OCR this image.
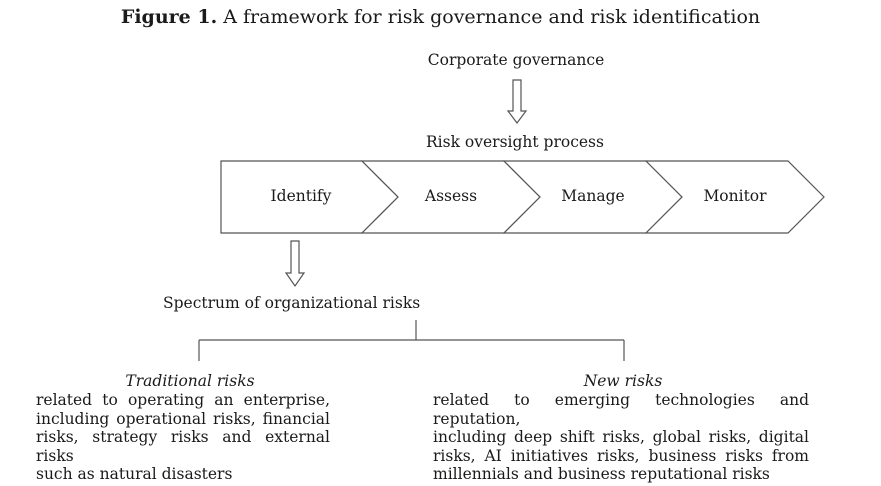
Figure 1. A framework for risk governance and risk identification
Corporate governance
Risk oversight process
Identify	Assess	Manage	Monitor
Spectrum of organizational risks
Traditional risks
related to operating an enterprise,
including operational risks, financial
risks, strategy risks and external risks
such as natural disasters
New risks
related to emerging technologies and reputation,
including deep shift risks, global risks, digital
risks, AI initiatives risks, business risks from
millennials and business reputational risks
